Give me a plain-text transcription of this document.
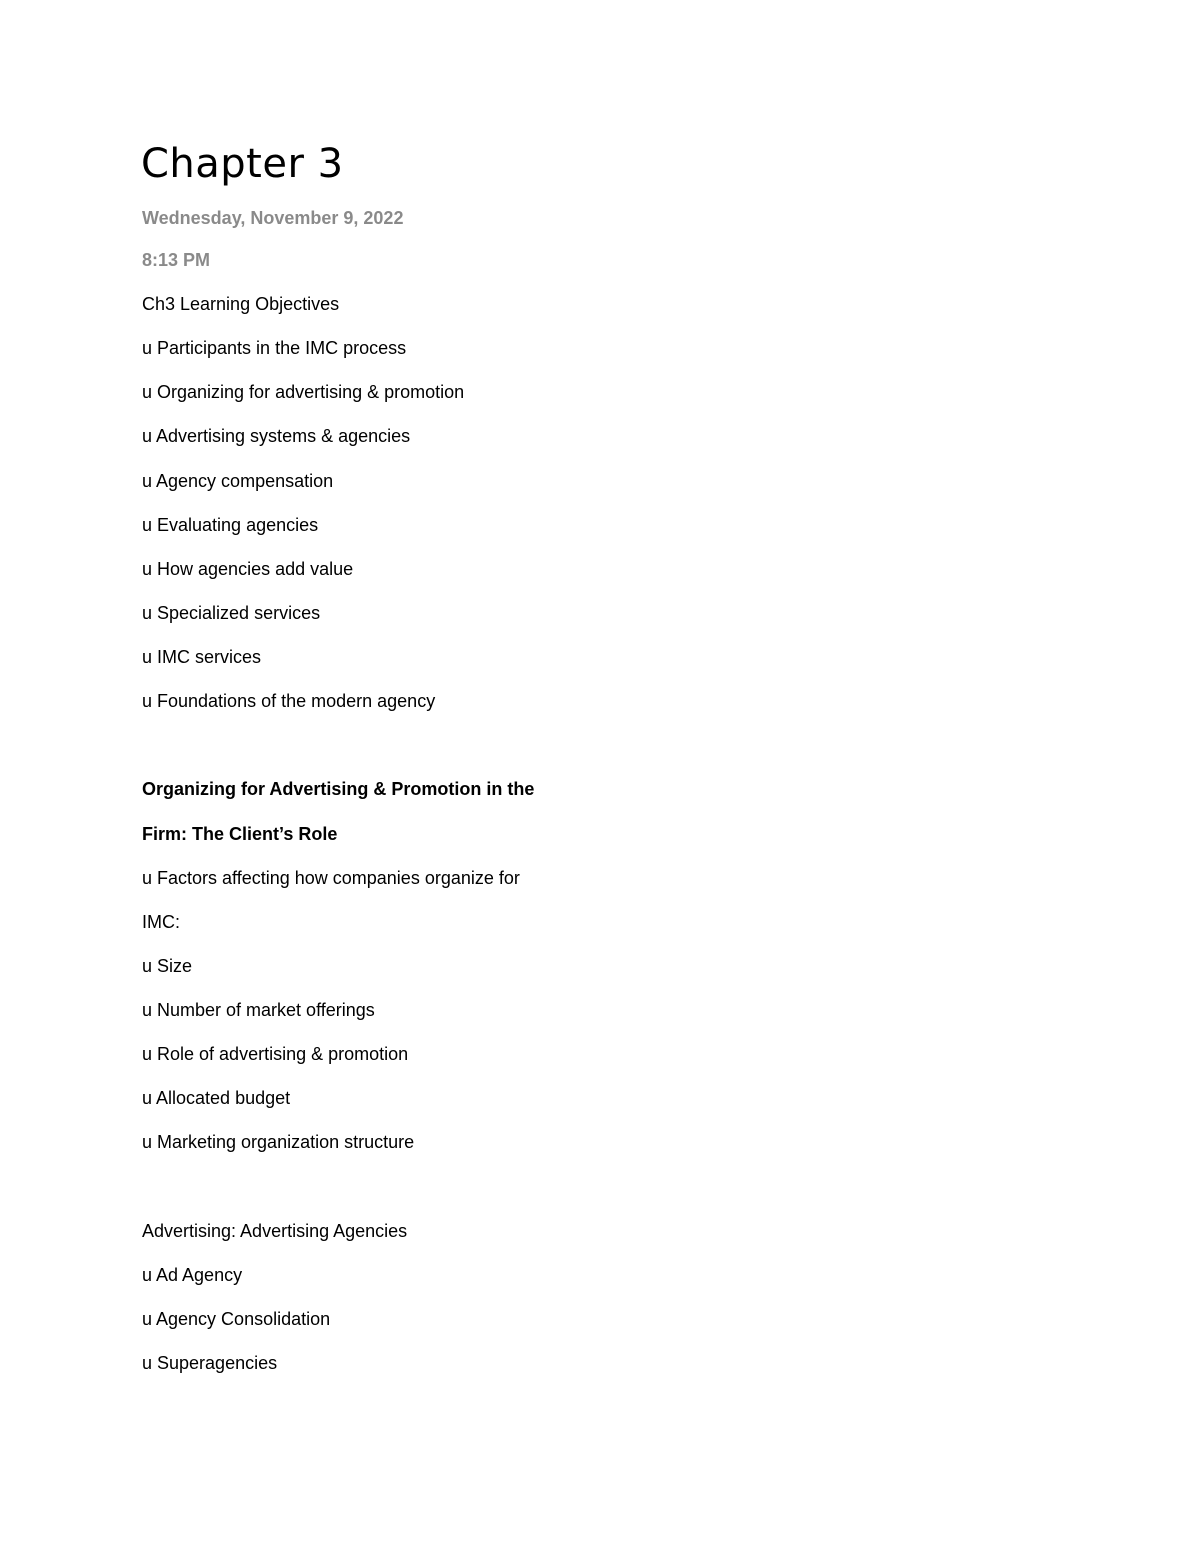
Chapter 3

Wednesday, November 9, 2022

8:13 PM

Ch3 Learning Objectives

u Participants in the IMC process

u Organizing for advertising & promotion

u Advertising systems & agencies

u Agency compensation

u Evaluating agencies

u How agencies add value

u Specialized services

u IMC services

u Foundations of the modern agency

Organizing for Advertising & Promotion in the

Firm: The Client’s Role

u Factors affecting how companies organize for

IMC:

u Size

u Number of market offerings

u Role of advertising & promotion

u Allocated budget

u Marketing organization structure

Advertising: Advertising Agencies

u Ad Agency

u Agency Consolidation

u Superagencies
